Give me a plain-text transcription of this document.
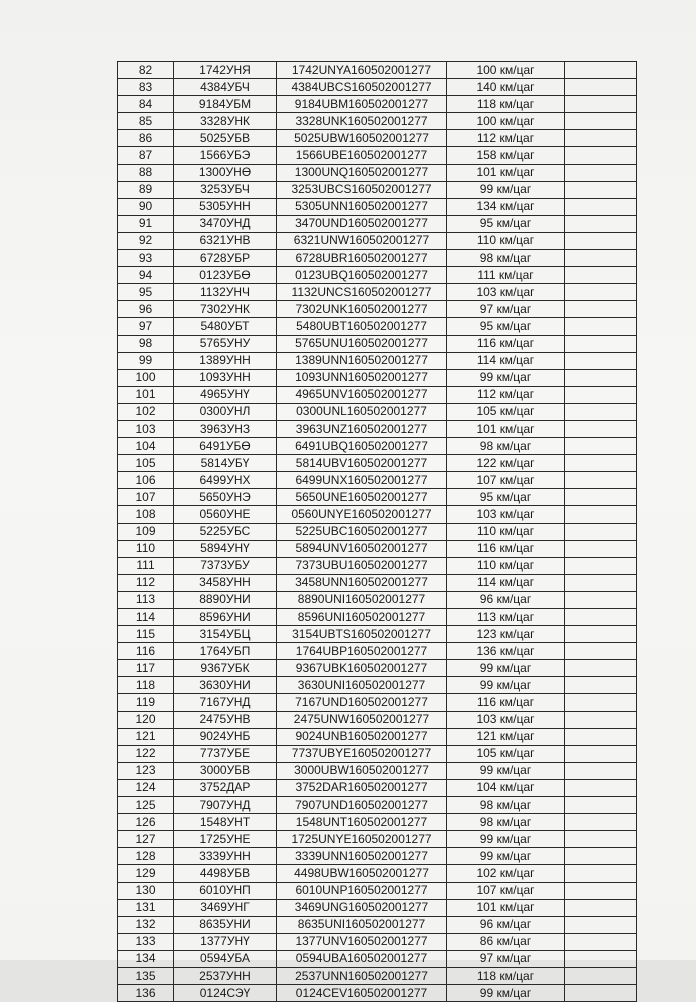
82	1742УНЯ	1742UNYA160502001277	100 км/цаг	
83	4384УБЧ	4384UBCS160502001277	140 км/цаг	
84	9184УБМ	9184UBM160502001277	118 км/цаг	
85	3328УНК	3328UNK160502001277	100 км/цаг	
86	5025УБВ	5025UBW160502001277	112 км/цаг	
87	1566УБЭ	1566UBE160502001277	158 км/цаг	
88	1300УНӨ	1300UNQ160502001277	101 км/цаг	
89	3253УБЧ	3253UBCS160502001277	99 км/цаг	
90	5305УНН	5305UNN160502001277	134 км/цаг	
91	3470УНД	3470UND160502001277	95 км/цаг	
92	6321УНВ	6321UNW160502001277	110 км/цаг	
93	6728УБР	6728UBR160502001277	98 км/цаг	
94	0123УБӨ	0123UBQ160502001277	111 км/цаг	
95	1132УНЧ	1132UNCS160502001277	103 км/цаг	
96	7302УНК	7302UNK160502001277	97 км/цаг	
97	5480УБТ	5480UBT160502001277	95 км/цаг	
98	5765УНУ	5765UNU160502001277	116 км/цаг	
99	1389УНН	1389UNN160502001277	114 км/цаг	
100	1093УНН	1093UNN160502001277	99 км/цаг	
101	4965УНҮ	4965UNV160502001277	112 км/цаг	
102	0300УНЛ	0300UNL160502001277	105 км/цаг	
103	3963УНЗ	3963UNZ160502001277	101 км/цаг	
104	6491УБӨ	6491UBQ160502001277	98 км/цаг	
105	5814УБҮ	5814UBV160502001277	122 км/цаг	
106	6499УНХ	6499UNX160502001277	107 км/цаг	
107	5650УНЭ	5650UNE160502001277	95 км/цаг	
108	0560УНЕ	0560UNYE160502001277	103 км/цаг	
109	5225УБС	5225UBC160502001277	110 км/цаг	
110	5894УНҮ	5894UNV160502001277	116 км/цаг	
111	7373УБУ	7373UBU160502001277	110 км/цаг	
112	3458УНН	3458UNN160502001277	114 км/цаг	
113	8890УНИ	8890UNI160502001277	96 км/цаг	
114	8596УНИ	8596UNI160502001277	113 км/цаг	
115	3154УБЦ	3154UBTS160502001277	123 км/цаг	
116	1764УБП	1764UBP160502001277	136 км/цаг	
117	9367УБК	9367UBK160502001277	99 км/цаг	
118	3630УНИ	3630UNI160502001277	99 км/цаг	
119	7167УНД	7167UND160502001277	116 км/цаг	
120	2475УНВ	2475UNW160502001277	103 км/цаг	
121	9024УНБ	9024UNB160502001277	121 км/цаг	
122	7737УБЕ	7737UBYE160502001277	105 км/цаг	
123	3000УБВ	3000UBW160502001277	99 км/цаг	
124	3752ДАР	3752DAR160502001277	104 км/цаг	
125	7907УНД	7907UND160502001277	98 км/цаг	
126	1548УНТ	1548UNT160502001277	98 км/цаг	
127	1725УНЕ	1725UNYE160502001277	99 км/цаг	
128	3339УНН	3339UNN160502001277	99 км/цаг	
129	4498УБВ	4498UBW160502001277	102 км/цаг	
130	6010УНП	6010UNP160502001277	107 км/цаг	
131	3469УНГ	3469UNG160502001277	101 км/цаг	
132	8635УНИ	8635UNI160502001277	96 км/цаг	
133	1377УНҮ	1377UNV160502001277	86 км/цаг	
134	0594УБА	0594UBA160502001277	97 км/цаг	
135	2537УНН	2537UNN160502001277	118 км/цаг	
136	0124СЭҮ	0124CEV160502001277	99 км/цаг	
